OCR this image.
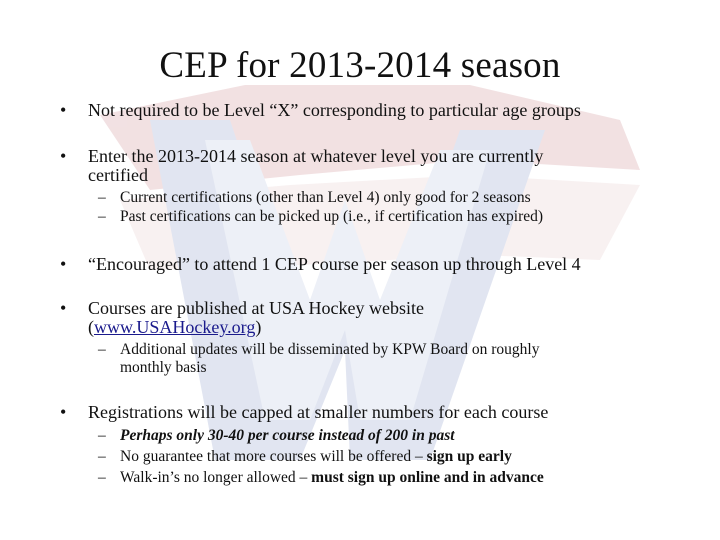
CEP for 2013-2014 season
• Not required to be Level “X” corresponding to particular age groups
• Enter the 2013-2014 season at whatever level you are currently
certified
– Current certifications (other than Level 4) only good for 2 seasons
– Past certifications can be picked up (i.e., if certification has expired)
• “Encouraged” to attend 1 CEP course per season up through Level 4
• Courses are published at USA Hockey website
(www.USAHockey.org)
– Additional updates will be disseminated by KPW Board on roughly
monthly basis
• Registrations will be capped at smaller numbers for each course
– Perhaps only 30-40 per course instead of 200 in past
– No guarantee that more courses will be offered – sign up early
– Walk-in’s no longer allowed – must sign up online and in advance
